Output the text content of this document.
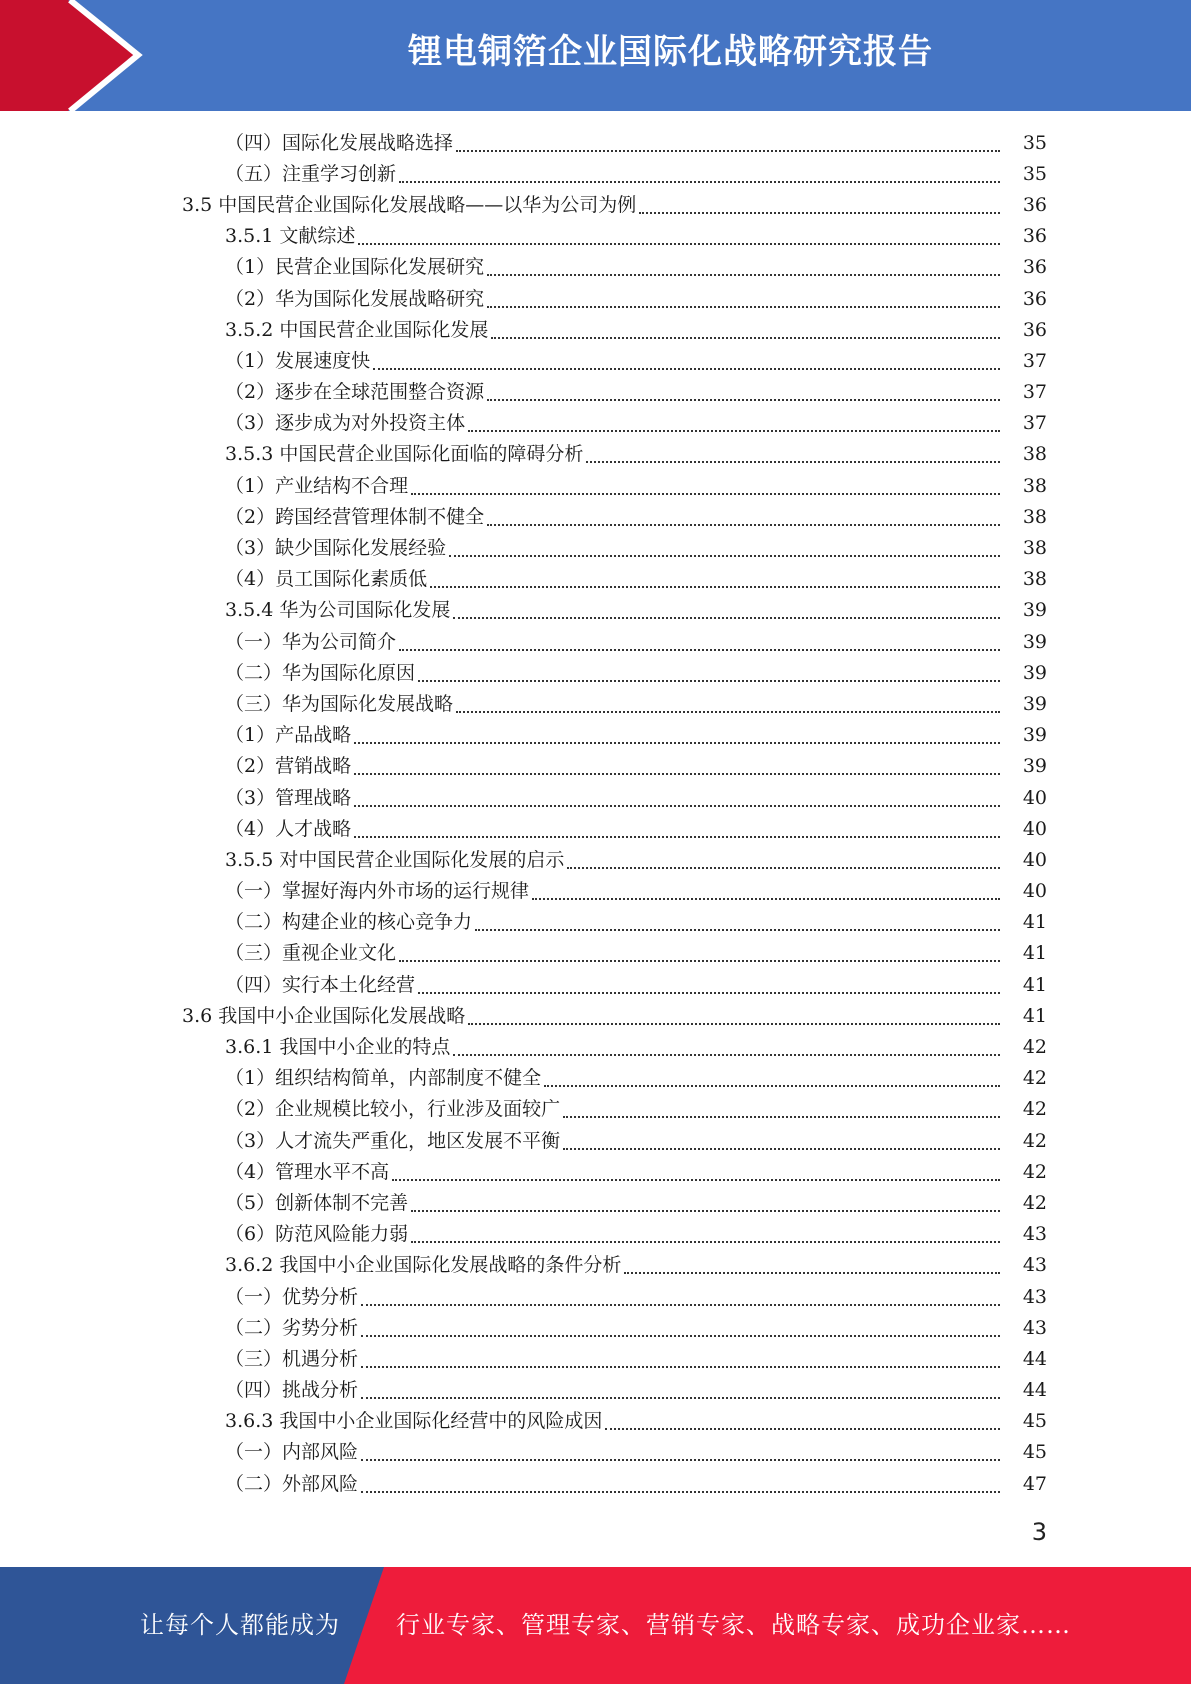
锂电铜箔企业国际化战略研究报告
（四）国际化发展战略选择	35
（五）注重学习创新	35
3.5 中国民营企业国际化发展战略——以华为公司为例	36
3.5.1 文献综述	36
（1）民营企业国际化发展研究	36
（2）华为国际化发展战略研究	36
3.5.2 中国民营企业国际化发展	36
（1）发展速度快	37
（2）逐步在全球范围整合资源	37
（3）逐步成为对外投资主体	37
3.5.3 中国民营企业国际化面临的障碍分析	38
（1）产业结构不合理	38
（2）跨国经营管理体制不健全	38
（3）缺少国际化发展经验	38
（4）员工国际化素质低	38
3.5.4 华为公司国际化发展	39
（一）华为公司简介	39
（二）华为国际化原因	39
（三）华为国际化发展战略	39
（1）产品战略	39
（2）营销战略	39
（3）管理战略	40
（4）人才战略	40
3.5.5 对中国民营企业国际化发展的启示	40
（一）掌握好海内外市场的运行规律	40
（二）构建企业的核心竞争力	41
（三）重视企业文化	41
（四）实行本土化经营	41
3.6 我国中小企业国际化发展战略	41
3.6.1 我国中小企业的特点	42
（1）组织结构简单，内部制度不健全	42
（2）企业规模比较小，行业涉及面较广	42
（3）人才流失严重化，地区发展不平衡	42
（4）管理水平不高	42
（5）创新体制不完善	42
（6）防范风险能力弱	43
3.6.2 我国中小企业国际化发展战略的条件分析	43
（一）优势分析	43
（二）劣势分析	43
（三）机遇分析	44
（四）挑战分析	44
3.6.3 我国中小企业国际化经营中的风险成因	45
（一）内部风险	45
（二）外部风险	47
3
让每个人都能成为 行业专家、管理专家、营销专家、战略专家、成功企业家……
